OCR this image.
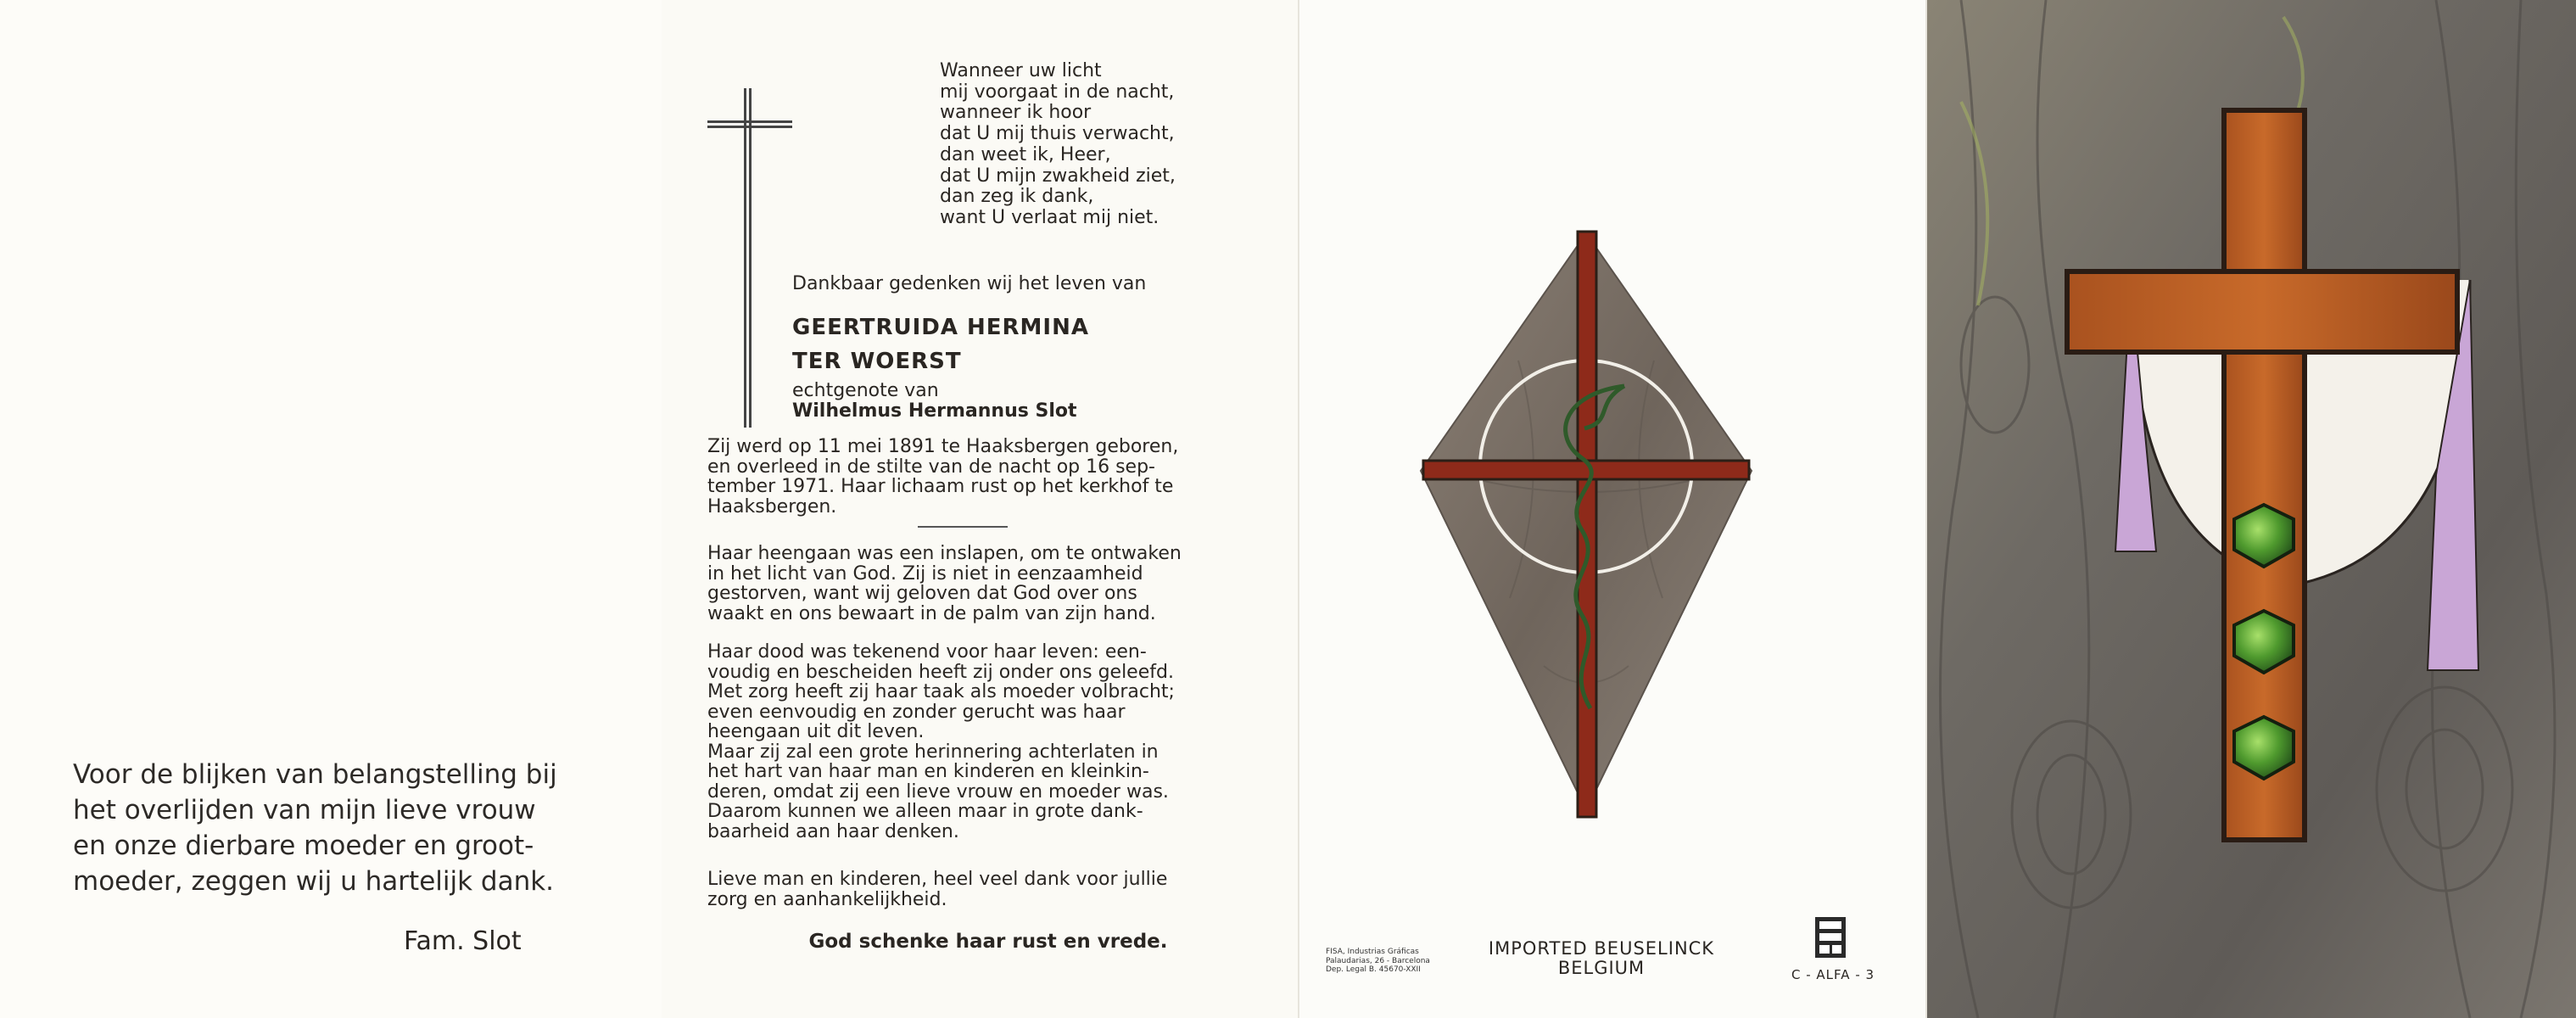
Voor de blijken van belangstelling bij
het overlijden van mijn lieve vrouw
en onze dierbare moeder en groot-
moeder, zeggen wij u hartelijk dank.
Fam. Slot
Wanneer uw licht
mij voorgaat in de nacht,
wanneer ik hoor
dat U mij thuis verwacht,
dan weet ik, Heer,
dat U mijn zwakheid ziet,
dan zeg ik dank,
want U verlaat mij niet.
Dankbaar gedenken wij het leven van
GEERTRUIDA HERMINA
TER WOERST
echtgenote van
Wilhelmus Hermannus Slot
Zij werd op 11 mei 1891 te Haaksbergen geboren,
en overleed in de stilte van de nacht op 16 sep-
tember 1971. Haar lichaam rust op het kerkhof te
Haaksbergen.
Haar heengaan was een inslapen, om te ontwaken
in het licht van God. Zij is niet in eenzaamheid
gestorven, want wij geloven dat God over ons
waakt en ons bewaart in de palm van zijn hand.
Haar dood was tekenend voor haar leven: een-
voudig en bescheiden heeft zij onder ons geleefd.
Met zorg heeft zij haar taak als moeder volbracht;
even eenvoudig en zonder gerucht was haar
heengaan uit dit leven.
Maar zij zal een grote herinnering achterlaten in
het hart van haar man en kinderen en kleinkin-
deren, omdat zij een lieve vrouw en moeder was.
Daarom kunnen we alleen maar in grote dank-
baarheid aan haar denken.
Lieve man en kinderen, heel veel dank voor jullie
zorg en aanhankelijkheid.
God schenke haar rust en vrede.	FISA, Industrias Gráficas
Palaudarias, 26 - Barcelona
Dep. Legal B. 45670-XXII
IMPORTED BEUSELINCK
BELGIUM	C - ALFA - 3
